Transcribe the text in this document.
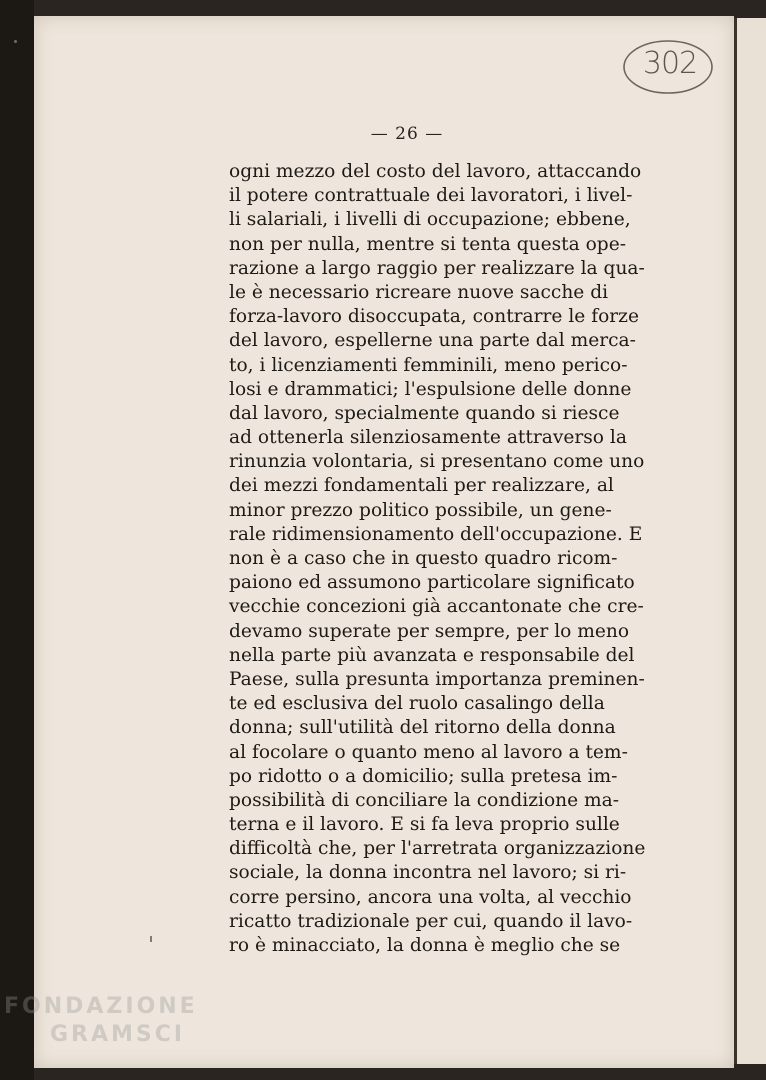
302
— 26 —
ogni mezzo del costo del lavoro, attaccando
il potere contrattuale dei lavoratori, i livel-
li salariali, i livelli di occupazione; ebbene,
non per nulla, mentre si tenta questa ope-
razione a largo raggio per realizzare la qua-
le è necessario ricreare nuove sacche di
forza-lavoro disoccupata, contrarre le forze
del lavoro, espellerne una parte dal merca-
to, i licenziamenti femminili, meno perico-
losi e drammatici; l'espulsione delle donne
dal lavoro, specialmente quando si riesce
ad ottenerla silenziosamente attraverso la
rinunzia volontaria, si presentano come uno
dei mezzi fondamentali per realizzare, al
minor prezzo politico possibile, un gene-
rale ridimensionamento dell'occupazione. E
non è a caso che in questo quadro ricom-
paiono ed assumono particolare significato
vecchie concezioni già accantonate che cre-
devamo superate per sempre, per lo meno
nella parte più avanzata e responsabile del
Paese, sulla presunta importanza preminen-
te ed esclusiva del ruolo casalingo della
donna; sull'utilità del ritorno della donna
al focolare o quanto meno al lavoro a tem-
po ridotto o a domicilio; sulla pretesa im-
possibilità di conciliare la condizione ma-
terna e il lavoro. E si fa leva proprio sulle
difficoltà che, per l'arretrata organizzazione
sociale, la donna incontra nel lavoro; si ri-
corre persino, ancora una volta, al vecchio
ricatto tradizionale per cui, quando il lavo-
ro è minacciato, la donna è meglio che se
FONDAZIONE
GRAMSCI
